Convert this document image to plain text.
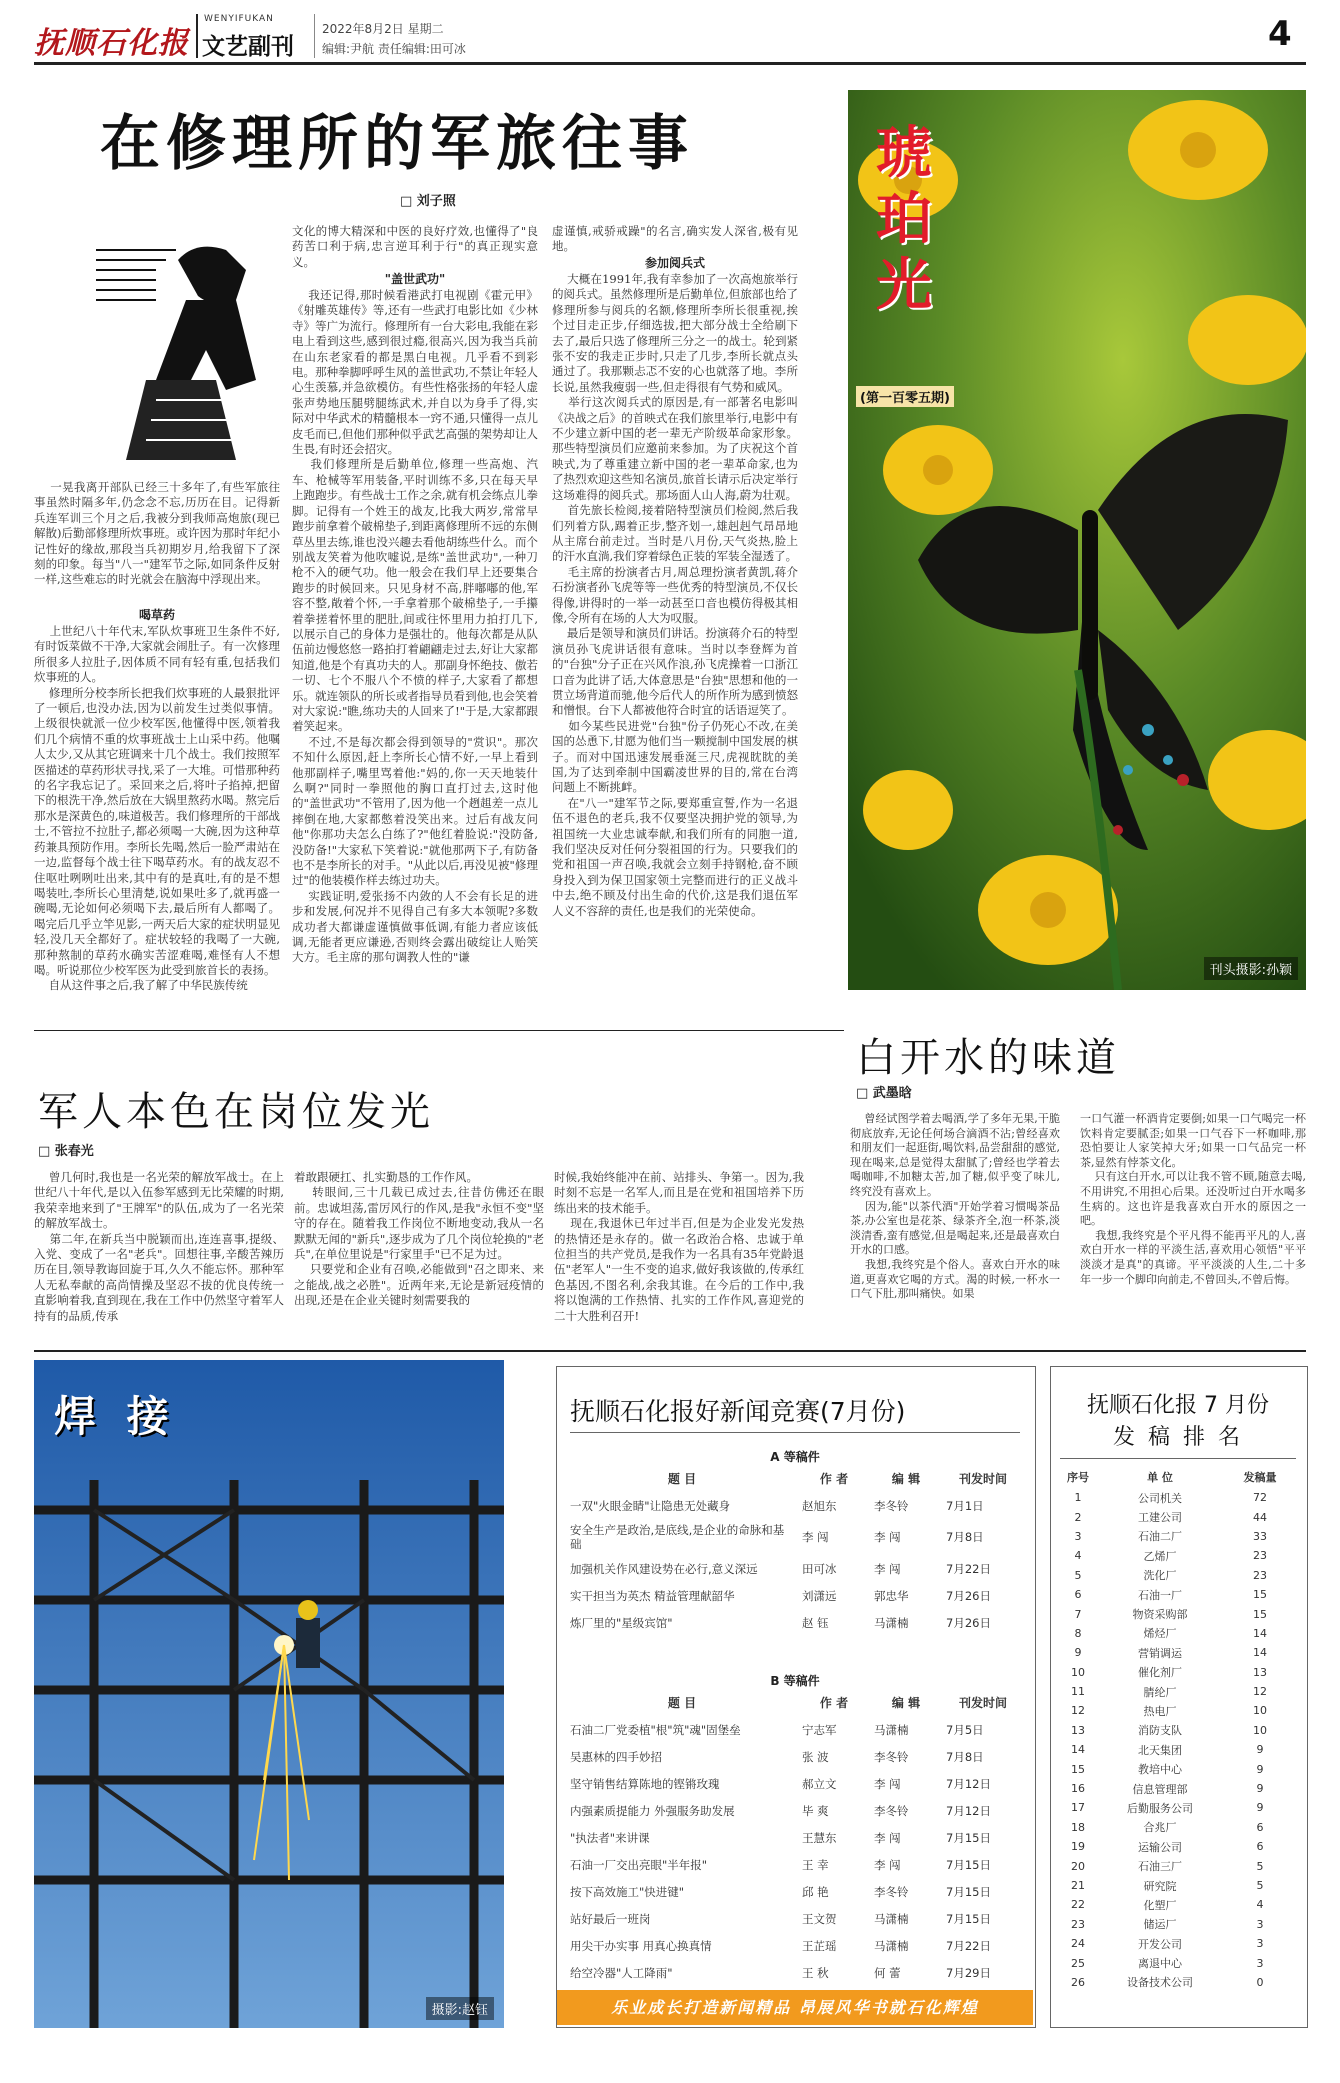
抚顺石化报
WENYIFUKAN
文艺副刊
2022年8月2日 星期二
编辑:尹航 责任编辑:田可冰	4
在修理所的军旅往事
□ 刘子照
一晃我离开部队已经三十多年了,有些军旅往事虽然时隔多年,仍念念不忘,历历在目。记得新兵连军训三个月之后,我被分到我师高炮旅(现已解散)后勤部修理所炊事班。或许因为那时年纪小记性好的缘故,那段当兵初期岁月,给我留下了深刻的印象。每当"八一"建军节之际,如同条件反射一样,这些难忘的时光就会在脑海中浮现出来。
喝草药
上世纪八十年代末,军队炊事班卫生条件不好,有时饭菜做不干净,大家就会闹肚子。有一次修理所很多人拉肚子,因体质不同有轻有重,包括我们炊事班的人。
修理所分校李所长把我们炊事班的人最狠批评了一顿后,也没办法,因为以前发生过类似事情。上级很快就派一位少校军医,他懂得中医,领着我们几个病情不重的炊事班战士上山采中药。他嘱人太少,又从其它班调来十几个战士。我们按照军医描述的草药形状寻找,采了一大堆。可惜那种药的名字我忘记了。采回来之后,将叶子掐掉,把留下的根洗干净,然后放在大锅里熬药水喝。熬完后那水是深黄色的,味道极苦。我们修理所的干部战士,不管拉不拉肚子,都必须喝一大碗,因为这种草药兼具预防作用。李所长先喝,然后一脸严肃站在一边,监督每个战士往下喝草药水。有的战友忍不住呕吐咧咧吐出来,其中有的是真吐,有的是不想喝装吐,李所长心里清楚,说如果吐多了,就再盛一碗喝,无论如何必须喝下去,最后所有人都喝了。喝完后几乎立竿见影,一两天后大家的症状明显见轻,没几天全都好了。症状较轻的我喝了一大碗,那种熬制的草药水确实苦涩难喝,难怪有人不想喝。听说那位少校军医为此受到旅首长的表扬。
自从这件事之后,我了解了中华民族传统
文化的博大精深和中医的良好疗效,也懂得了"良药苦口利于病,忠言逆耳利于行"的真正现实意义。
"盖世武功"
我还记得,那时候看港武打电视剧《霍元甲》《射雕英雄传》等,还有一些武打电影比如《少林寺》等广为流行。修理所有一台大彩电,我能在彩电上看到这些,感到很过瘾,很高兴,因为我当兵前在山东老家看的都是黑白电视。几乎看不到彩电。那种拳脚呼呼生风的盖世武功,不禁让年轻人心生羡慕,并急欲模仿。有些性格张扬的年轻人虚张声势地压腿劈腿练武术,并自以为身手了得,实际对中华武术的精髓根本一窍不通,只懂得一点儿皮毛而已,但他们那种似乎武艺高强的架势却让人生畏,有时还会招灾。
我们修理所是后勤单位,修理一些高炮、汽车、枪械等军用装备,平时训练不多,只在每天早上跑跑步。有些战士工作之余,就有机会练点儿拳脚。记得有一个姓王的战友,比我大两岁,常常早跑步前拿着个破棉垫子,到距离修理所不远的东侧草丛里去练,谁也没兴趣去看他胡练些什么。而个别战友笑着为他吹嘘说,是练"盖世武功",一种刀枪不入的硬气功。他一般会在我们早上还要集合跑步的时候回来。只见身材不高,胖嘟嘟的他,军容不整,敞着个怀,一手拿着那个破棉垫子,一手攥着拳搓着怀里的肥肚,间或往怀里用力拍打几下,以展示自己的身体力是强壮的。他每次都是从队伍前边慢悠悠一路拍打着翩翩走过去,好让大家都知道,他是个有真功夫的人。那副身怀绝技、傲若一切、七个不服八个不愤的样子,大家看了都想乐。就连领队的所长或者指导员看到他,也会笑着对大家说:"瞧,练功夫的人回来了!"于是,大家都跟着笑起来。
不过,不是每次都会得到领导的"赏识"。那次不知什么原因,赶上李所长心情不好,一早上看到他那副样子,嘴里骂着他:"妈的,你一天天地装什么啊?"同时一拳照他的胸口直打过去,这时他的"盖世武功"不管用了,因为他一个趔趄差一点儿摔倒在地,大家都憋着没笑出来。过后有战友问他"你那功夫怎么白练了?"他红着脸说:"没防备,没防备!"大家私下笑着说:"就他那两下子,有防备也不是李所长的对手。"从此以后,再没见被"修理过"的他装模作样去练过功夫。
实践证明,爱张扬不内敛的人不会有长足的进步和发展,何况并不见得自己有多大本领呢?多数成功者大都谦虚谨慎做事低调,有能力者应该低调,无能者更应谦逊,否则终会露出破绽让人贻笑大方。毛主席的那句调教人性的"谦
虚谨慎,戒骄戒躁"的名言,确实发人深省,极有见地。
参加阅兵式
大概在1991年,我有幸参加了一次高炮旅举行的阅兵式。虽然修理所是后勤单位,但旅部也给了修理所参与阅兵的名额,修理所李所长很重视,挨个过目走正步,仔细选拔,把大部分战士全给刷下去了,最后只选了修理所三分之一的战士。轮到紧张不安的我走正步时,只走了几步,李所长就点头通过了。我那颗忐忑不安的心也就落了地。李所长说,虽然我瘦弱一些,但走得很有气势和威风。
举行这次阅兵式的原因是,有一部著名电影叫《决战之后》的首映式在我们旅里举行,电影中有不少建立新中国的老一辈无产阶级革命家形象。那些特型演员们应邀前来参加。为了庆祝这个首映式,为了尊重建立新中国的老一辈革命家,也为了热烈欢迎这些知名演员,旅首长请示后决定举行这场难得的阅兵式。那场面人山人海,蔚为壮观。
首先旅长检阅,接着陪特型演员们检阅,然后我们列着方队,踢着正步,整齐划一,雄赳赳气昂昂地从主席台前走过。当时是八月份,天气炎热,脸上的汗水直淌,我们穿着绿色正装的军装全湿透了。
毛主席的扮演者古月,周总理扮演者黄凯,蒋介石扮演者孙飞虎等等一些优秀的特型演员,不仅长得像,讲得时的一举一动甚至口音也模仿得极其相像,令所有在场的人大为叹服。
最后是领导和演员们讲话。扮演蒋介石的特型演员孙飞虎讲话很有意味。当时以李登辉为首的"台独"分子正在兴风作浪,孙飞虎操着一口浙江口音为此讲了话,大体意思是"台独"思想和他的一贯立场背道而驰,他今后代人的所作所为感到愤怒和憎恨。台下人都被他符合时宜的话语逗笑了。
如今某些民进党"台独"份子仍死心不改,在美国的怂恿下,甘愿为他们当一颗搅制中国发展的棋子。而对中国迅速发展垂涎三尺,虎视眈眈的美国,为了达到牵制中国霸凌世界的目的,常在台湾问题上不断挑衅。
在"八一"建军节之际,要郑重宣誓,作为一名退伍不退色的老兵,我不仅要坚决拥护党的领导,为祖国统一大业忠诚奉献,和我们所有的同胞一道,我们坚决反对任何分裂祖国的行为。只要我们的党和祖国一声召唤,我就会立刻手持钢枪,奋不顾身投入到为保卫国家领土完整而进行的正义战斗中去,绝不顾及付出生命的代价,这是我们退伍军人义不容辞的责任,也是我们的光荣使命。
琥珀光
(第一百零五期)
刊头摄影:孙颖
军人本色在岗位发光
□ 张春光
曾几何时,我也是一名光荣的解放军战士。在上世纪八十年代,是以入伍参军感到无比荣耀的时期,我荣幸地来到了"王牌军"的队伍,成为了一名光荣的解放军战士。
第二年,在新兵当中脱颖而出,连连喜事,提级、入党、变成了一名"老兵"。回想往事,辛酸苦辣历历在目,领导教诲回旋于耳,久久不能忘怀。那种军人无私奉献的高尚情操及坚忍不拔的优良传统一直影响着我,直到现在,我在工作中仍然坚守着军人持有的品质,传承
着敢跟硬扛、扎实勤恳的工作作风。
转眼间,三十几载已成过去,往昔仿佛还在眼前。忠诚坦荡,雷厉风行的作风,是我"永恒不变"坚守的存在。随着我工作岗位不断地变动,我从一名默默无闻的"新兵",逐步成为了几个岗位轮换的"老兵",在单位里说是"行家里手"已不足为过。
只要党和企业有召唤,必能做到"召之即来、来之能战,战之必胜"。近两年来,无论是新冠疫情的出现,还是在企业关键时刻需要我的
时候,我始终能冲在前、站排头、争第一。因为,我时刻不忘是一名军人,而且是在党和祖国培养下历练出来的技术能手。
现在,我退休已年过半百,但是为企业发光发热的热情还是永存的。做一名政治合格、忠诚于单位担当的共产党员,是我作为一名具有35年党龄退伍"老军人"一生不变的追求,做好我该做的,传承红色基因,不图名利,余我其谁。在今后的工作中,我将以饱满的工作热情、扎实的工作作风,喜迎党的二十大胜利召开!
白开水的味道
□ 武墨晗
曾经试图学着去喝酒,学了多年无果,干脆彻底放弃,无论任何场合滴酒不沾;曾经喜欢和朋友们一起逛街,喝饮料,品尝甜甜的感觉,现在喝来,总是觉得太甜腻了;曾经也学着去喝咖啡,不加糖太苦,加了糖,似乎变了味儿,终究没有喜欢上。
因为,能"以茶代酒"开始学着习惯喝茶品茶,办公室也是花茶、绿茶齐全,泡一杯茶,淡淡清香,蛮有感觉,但是喝起来,还是最喜欢白开水的口感。
我想,我终究是个俗人。喜欢白开水的味道,更喜欢它喝的方式。渴的时候,一杯水一口气下肚,那叫痛快。如果
一口气灌一杯酒肯定要倒;如果一口气喝完一杯饮料肯定要腻歪;如果一口气吞下一杯咖啡,那恐怕要让人家笑掉大牙;如果一口气品完一杯茶,显然有悖茶文化。
只有这白开水,可以让我不管不顾,随意去喝,不用讲究,不用担心后果。还没听过白开水喝多生病的。这也许是我喜欢白开水的原因之一吧。
我想,我终究是个平凡得不能再平凡的人,喜欢白开水一样的平淡生活,喜欢用心领悟"平平淡淡才是真"的真谛。平平淡淡的人生,二十多年一步一个脚印向前走,不曾回头,不曾后悔。
焊 接
摄影:赵钰
抚顺石化报好新闻竞赛(7月份)
A 等稿件
题 目	作 者	编 辑	刊发时间
一双"火眼金睛"让隐患无处藏身	赵旭东	李冬铃	7月1日
安全生产是政治,是底线,是企业的命脉和基础	李 闯	李 闯	7月8日
加强机关作风建设势在必行,意义深远	田可冰	李 闯	7月22日
实干担当为英杰 精益管理献韶华	刘潇远	郭忠华	7月26日
炼厂里的"星级宾馆"	赵 钰	马潇楠	7月26日
B 等稿件
题 目	作 者	编 辑	刊发时间
石油二厂党委植"根"筑"魂"固堡垒	宁志军	马潇楠	7月5日
吴惠林的四手妙招	张 波	李冬铃	7月8日
坚守销售结算陈地的铿锵玫瑰	郝立文	李 闯	7月12日
内强素质提能力 外强服务助发展	毕 爽	李冬铃	7月12日
"执法者"来讲课	王慧东	李 闯	7月15日
石油一厂交出亮眼"半年报"	王 幸	李 闯	7月15日
按下高效施工"快进键"	邱 艳	李冬铃	7月15日
站好最后一班岗	王文贺	马潇楠	7月15日
用尖干办实事 用真心换真情	王芷瑶	马潇楠	7月22日
给空冷器"人工降雨"	王 秋	何 蕾	7月29日
乐业成长打造新闻精品 昂展风华书就石化辉煌
抚顺石化报 7 月份
发 稿 排 名
序号	单 位	发稿量
1	公司机关	72
2	工建公司	44
3	石油二厂	33
4	乙烯厂	23
5	洗化厂	23
6	石油一厂	15
7	物资采购部	15
8	烯烃厂	14
9	营销调运	14
10	催化剂厂	13
11	腈纶厂	12
12	热电厂	10
13	消防支队	10
14	北天集团	9
15	教培中心	9
16	信息管理部	9
17	后勤服务公司	9
18	合兆厂	6
19	运输公司	6
20	石油三厂	5
21	研究院	5
22	化塑厂	4
23	储运厂	3
24	开发公司	3
25	离退中心	3
26	设备技术公司	0
